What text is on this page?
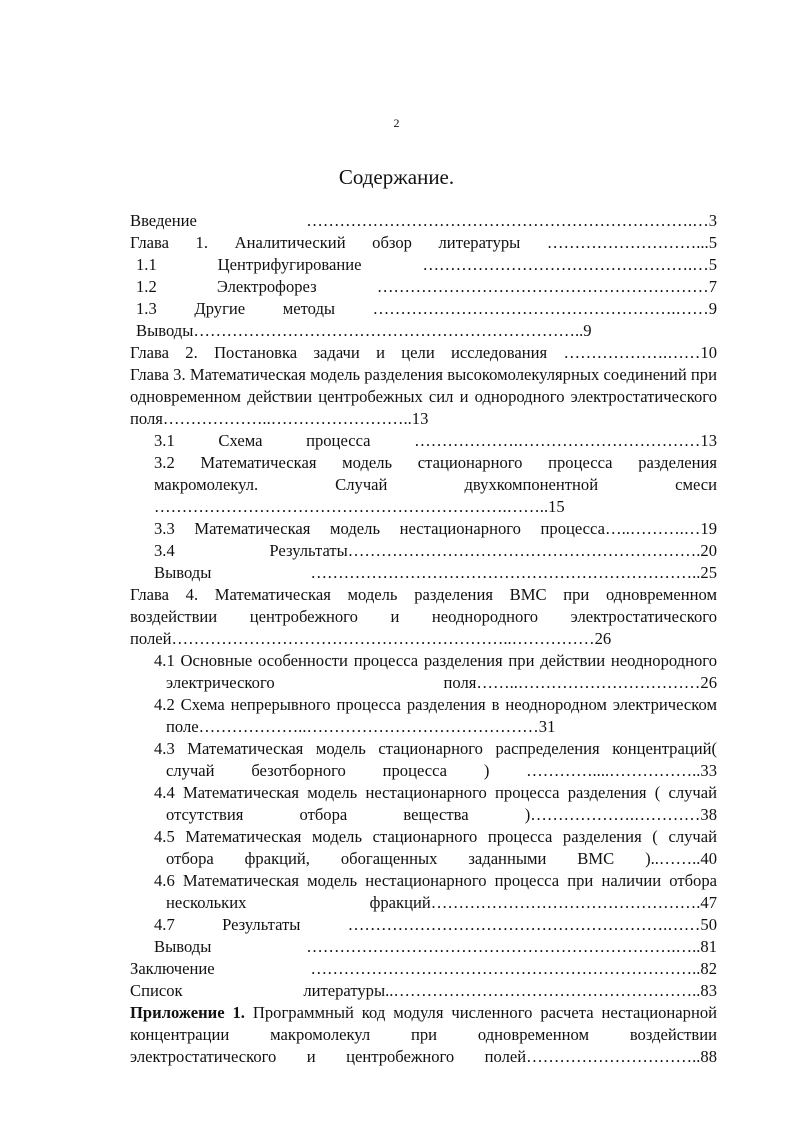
2
Содержание.

Введение …………………………………………………………….…3

Глава 1. Аналитический обзор литературы ………………………...5

1.1 Центрифугирование ………………………………………….…5

1.2 Электрофорез ……………………………………………………7

1.3 Другие методы ……………………………………………….……9

Выводы……………………………………………………………..9

Глава 2. Постановка задачи и цели исследования ……………….……10

Глава 3. Математическая модель разделения высокомолекулярных соединений при одновременном действии центробежных сил и однородного электростатического поля………………..……………………..13

3.1 Схема процесса ……………….……………………………13

3.2 Математическая модель стационарного процесса разделения макромолекул. Случай двухкомпонентной смеси ……………………………………………………….……..15

3.3 Математическая модель нестационарного процесса…..……….…19

3.4 Результаты……………………………………………………….20

Выводы ……………………………………………………………..25

Глава 4. Математическая модель разделения ВМС при одновременном воздействии центробежного и неоднородного электростатического полей……………………………………………………..……………26

4.1 Основные особенности процесса разделения при действии неоднородного электрического поля……..……………………………26

4.2 Схема непрерывного процесса разделения в неоднородном электрическом поле………………..……………………………………31

4.3 Математическая модель стационарного распределения концентраций( случай безотборного процесса ) …………....……………..33

4.4 Математическая модель нестационарного процесса разделения ( случай отсутствия отбора вещества )……………….…………38

4.5 Математическая модель стационарного процесса разделения ( случай отбора фракций, обогащенных заданными ВМС )..……..40

4.6 Математическая модель нестационарного процесса при наличии отбора нескольких фракций………………………………………….47

4.7 Результаты ………………………………………………….……50

Выводы ………………………………………………………….…..81

Заключение ……………………………………………………………..82

Список литературы..………………………………………………..83

Приложение 1. Программный код модуля численного расчета нестационарной концентрации макромолекул при одновременном воздействии электростатического и центробежного полей…………………………..88
